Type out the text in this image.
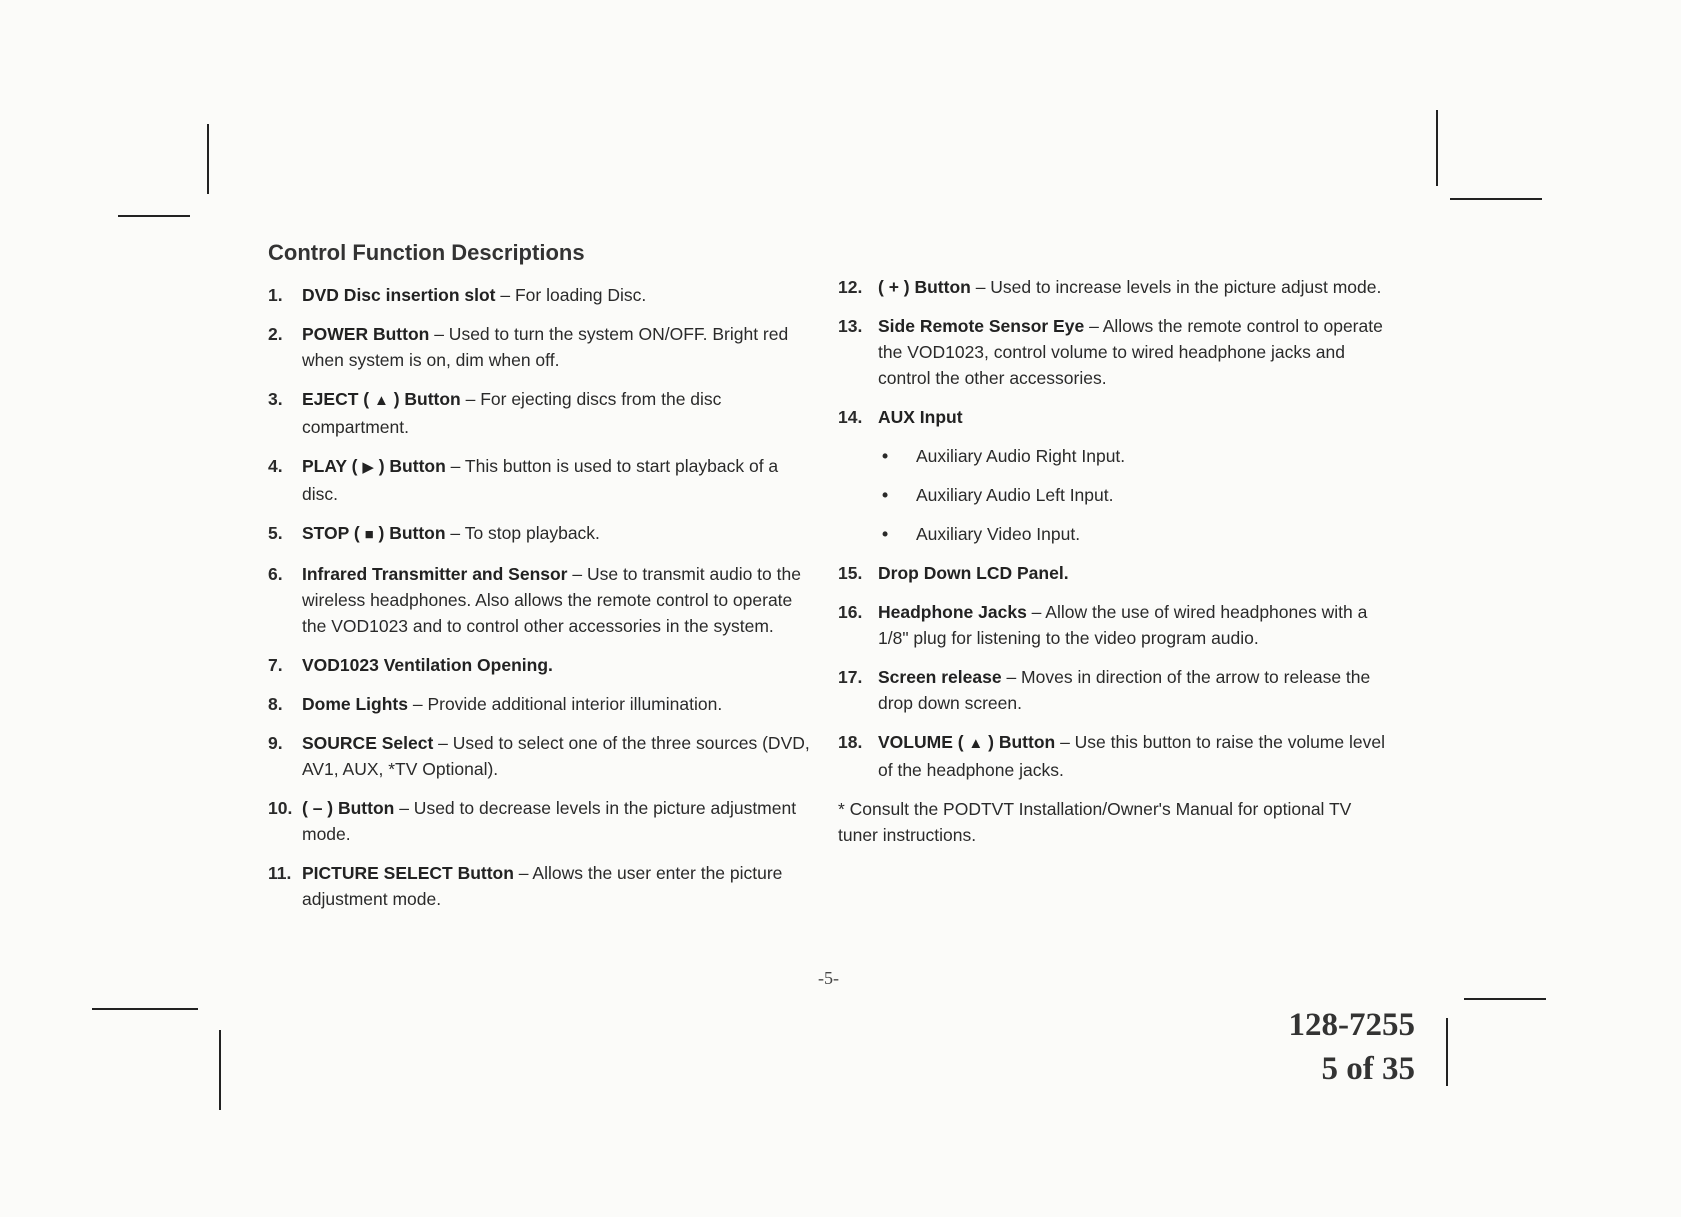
Control Function Descriptions
1.	DVD Disc insertion slot – For loading Disc.
2.	POWER Button – Used to turn the system ON/OFF. Bright red when system is on, dim when off.
3.	EJECT ( ▲ ) Button – For ejecting discs from the disc compartment.
4.	PLAY ( ▶ ) Button – This button is used to start playback of a disc.
5.	STOP ( ■ ) Button – To stop playback.
6.	Infrared Transmitter and Sensor – Use to transmit audio to the wireless headphones. Also allows the remote control to operate the VOD1023 and to control other accessories in the system.
7.	VOD1023 Ventilation Opening.
8.	Dome Lights – Provide additional interior illumination.
9.	SOURCE Select – Used to select one of the three sources (DVD, AV1, AUX, *TV Optional).
10. ( – ) Button – Used to decrease levels in the picture adjustment mode.
11. PICTURE SELECT Button – Allows the user enter the picture adjustment mode.
12. ( + ) Button – Used to increase levels in the picture adjust mode.
13. Side Remote Sensor Eye – Allows the remote control to operate the VOD1023, control volume to wired headphone jacks and control the other accessories.
14. AUX Input
•	Auxiliary Audio Right Input.
•	Auxiliary Audio Left Input.
•	Auxiliary Video Input.
15. Drop Down LCD Panel.
16. Headphone Jacks – Allow the use of wired headphones with a 1/8" plug for listening to the video program audio.
17. Screen release – Moves in direction of the arrow to release the drop down screen.
18. VOLUME ( ▲ ) Button – Use this button to raise the volume level of the headphone jacks.
* Consult the PODTVT Installation/Owner's Manual for optional TV tuner instructions.
-5-
128-7255
5 of 35
